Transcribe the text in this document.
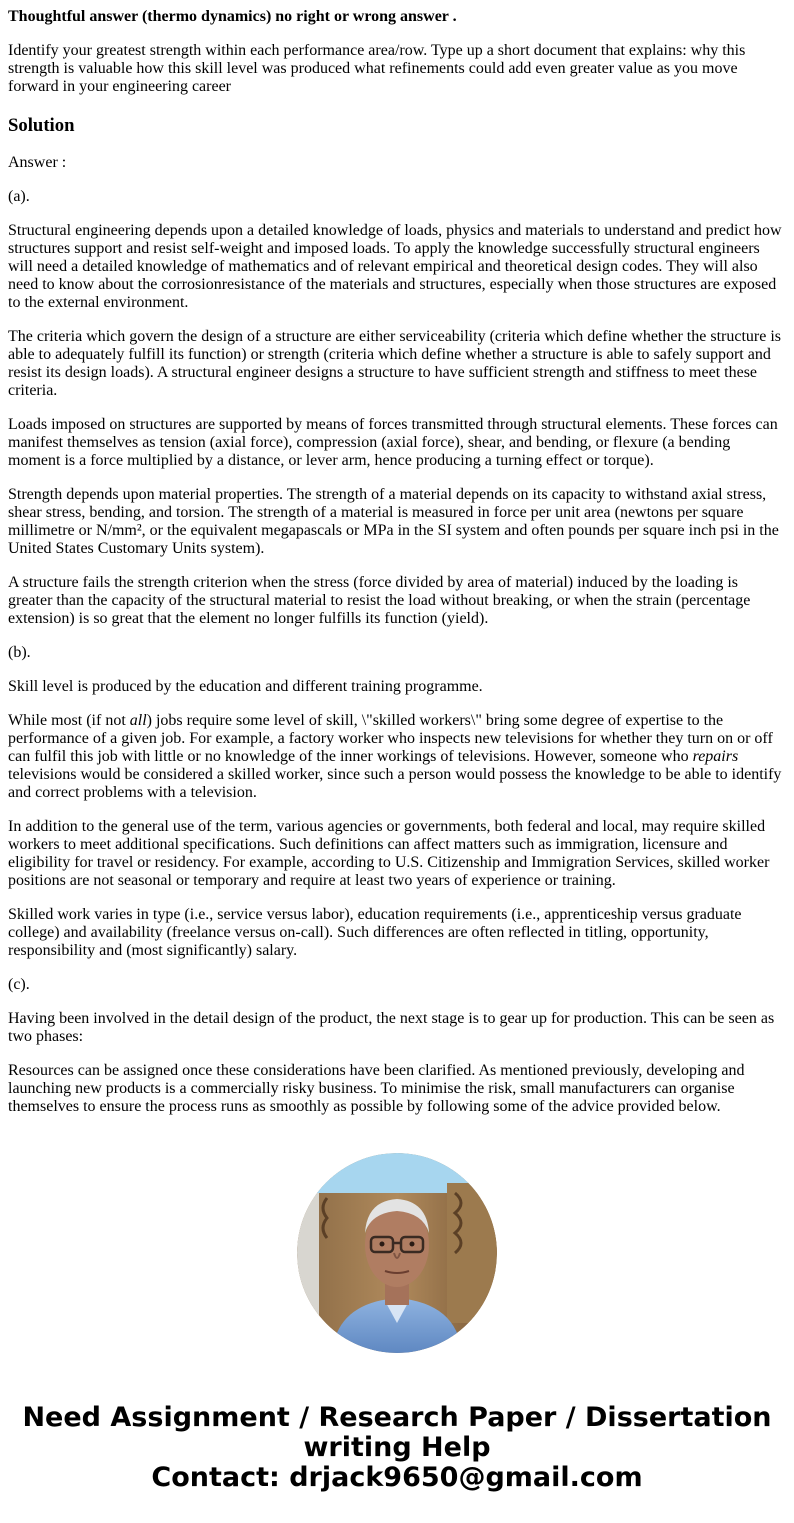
Thoughtful answer (thermo dynamics) no right or wrong answer .

Identify your greatest strength within each performance area/row. Type up a short document that explains: why this strength is valuable how this skill level was produced what refinements could add even greater value as you move forward in your engineering career

Solution

Answer :

(a).

Structural engineering depends upon a detailed knowledge of loads, physics and materials to understand and predict how structures support and resist self-weight and imposed loads. To apply the knowledge successfully structural engineers will need a detailed knowledge of mathematics and of relevant empirical and theoretical design codes. They will also need to know about the corrosionresistance of the materials and structures, especially when those structures are exposed to the external environment.

The criteria which govern the design of a structure are either serviceability (criteria which define whether the structure is able to adequately fulfill its function) or strength (criteria which define whether a structure is able to safely support and resist its design loads). A structural engineer designs a structure to have sufficient strength and stiffness to meet these criteria.

Loads imposed on structures are supported by means of forces transmitted through structural elements. These forces can manifest themselves as tension (axial force), compression (axial force), shear, and bending, or flexure (a bending moment is a force multiplied by a distance, or lever arm, hence producing a turning effect or torque).

Strength depends upon material properties. The strength of a material depends on its capacity to withstand axial stress, shear stress, bending, and torsion. The strength of a material is measured in force per unit area (newtons per square millimetre or N/mm², or the equivalent megapascals or MPa in the SI system and often pounds per square inch psi in the United States Customary Units system).

A structure fails the strength criterion when the stress (force divided by area of material) induced by the loading is greater than the capacity of the structural material to resist the load without breaking, or when the strain (percentage extension) is so great that the element no longer fulfills its function (yield).

(b).

Skill level is produced by the education and different training programme.

While most (if not all) jobs require some level of skill, \"skilled workers\" bring some degree of expertise to the performance of a given job. For example, a factory worker who inspects new televisions for whether they turn on or off can fulfil this job with little or no knowledge of the inner workings of televisions. However, someone who repairs televisions would be considered a skilled worker, since such a person would possess the knowledge to be able to identify and correct problems with a television.

In addition to the general use of the term, various agencies or governments, both federal and local, may require skilled workers to meet additional specifications. Such definitions can affect matters such as immigration, licensure and eligibility for travel or residency. For example, according to U.S. Citizenship and Immigration Services, skilled worker positions are not seasonal or temporary and require at least two years of experience or training.

Skilled work varies in type (i.e., service versus labor), education requirements (i.e., apprenticeship versus graduate college) and availability (freelance versus on-call). Such differences are often reflected in titling, opportunity, responsibility and (most significantly) salary.

(c).

Having been involved in the detail design of the product, the next stage is to gear up for production. This can be seen as two phases:

Resources can be assigned once these considerations have been clarified. As mentioned previously, developing and launching new products is a commercially risky business. To minimise the risk, small manufacturers can organise themselves to ensure the process runs as smoothly as possible by following some of the advice provided below.

Need Assignment / Research Paper / Dissertation
writing Help
Contact: drjack9650@gmail.com
